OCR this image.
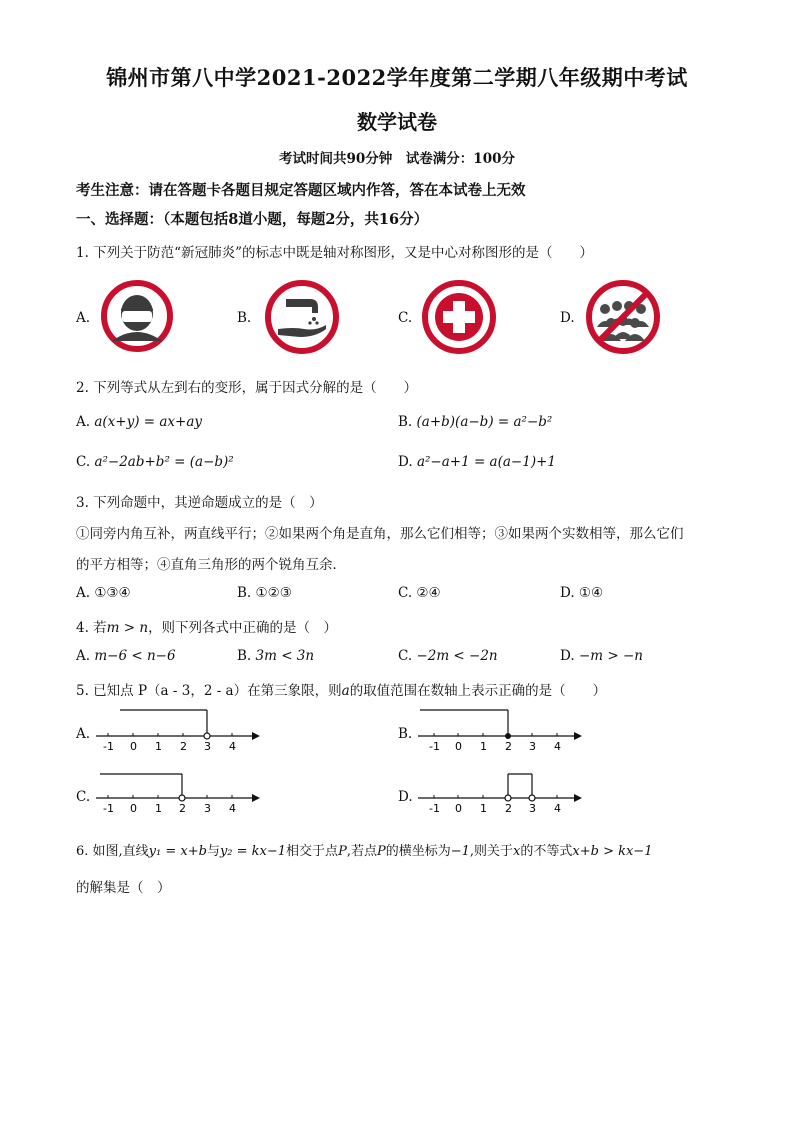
锦州市第八中学2021-2022学年度第二学期八年级期中考试
数学试卷
考试时间共90分钟　试卷满分：100分
考生注意：请在答题卡各题目规定答题区域内作答，答在本试卷上无效
一、选择题：（本题包括8道小题，每题2分，共16分）
1. 下列关于防范“新冠肺炎”的标志中既是轴对称图形，又是中心对称图形的是（　　）
A.	B.	C.	D.
2. 下列等式从左到右的变形，属于因式分解的是（　　）
A. a(x+y) = ax+ay	B. (a+b)(a−b) = a²−b²
C. a²−2ab+b² = (a−b)²	D. a²−a+1 = a(a−1)+1
3. 下列命题中，其逆命题成立的是（　）
①同旁内角互补，两直线平行；②如果两个角是直角，那么它们相等；③如果两个实数相等，那么它们
的平方相等；④直角三角形的两个锐角互余．
A. ①③④	B. ①②③	C. ②④	D. ①④
4. 若m > n，则下列各式中正确的是（　）
A. m−6 < n−6	B. 3m < 3n	C. −2m < −2n	D. −m > −n
5. 已知点 P（a - 3，2 - a）在第三象限，则a的取值范围在数轴上表示正确的是（　　）
A.
-1 0 1 2 3 4
B.
-1 0 1 2 3 4
C.
-1 0 1 2 3 4
D.
-1 0 1 2 3 4
6. 如图,直线y₁ = x+b与y₂ = kx−1相交于点P,若点P的横坐标为−1,则关于x的不等式x+b > kx−1
的解集是（　）
